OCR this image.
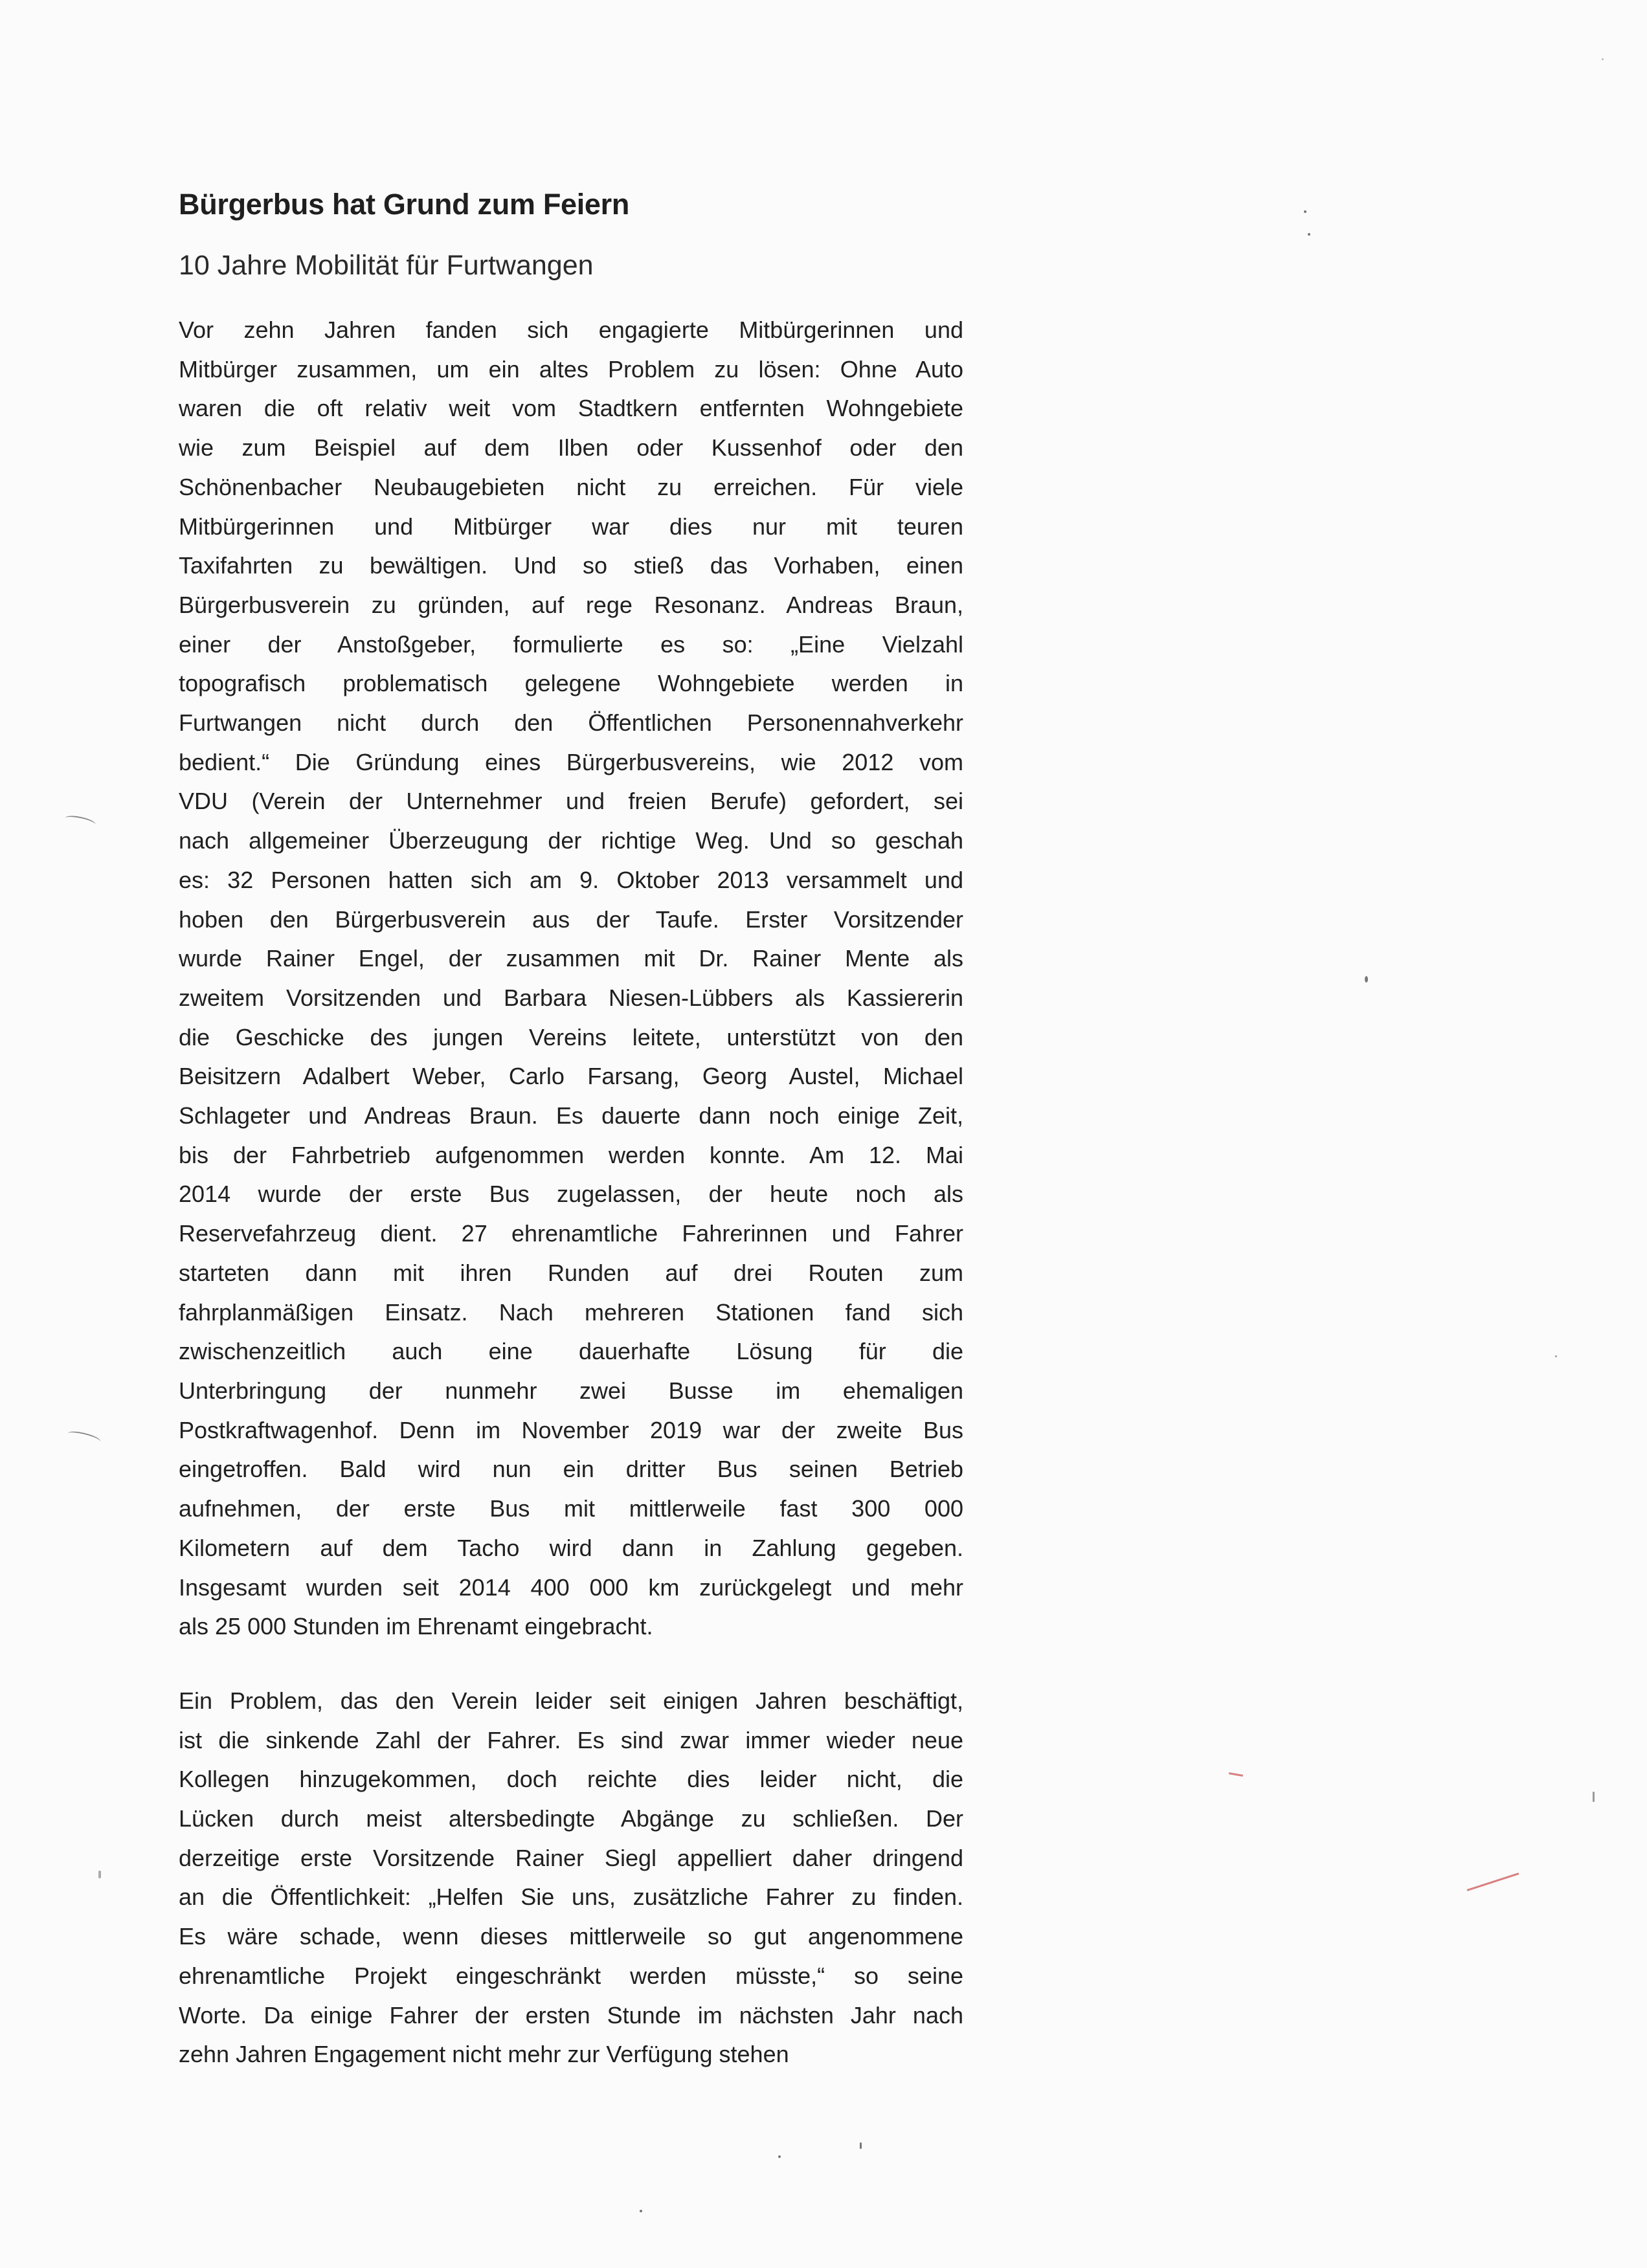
Bürgerbus hat Grund zum Feiern
10 Jahre Mobilität für Furtwangen

Vor zehn Jahren fanden sich engagierte Mitbürgerinnen und
Mitbürger zusammen, um ein altes Problem zu lösen: Ohne Auto
waren die oft relativ weit vom Stadtkern entfernten Wohngebiete
wie zum Beispiel auf dem Ilben oder Kussenhof oder den
Schönenbacher Neubaugebieten nicht zu erreichen. Für viele
Mitbürgerinnen und Mitbürger war dies nur mit teuren
Taxifahrten zu bewältigen. Und so stieß das Vorhaben, einen
Bürgerbusverein zu gründen, auf rege Resonanz. Andreas Braun,
einer der Anstoßgeber, formulierte es so: „Eine Vielzahl
topografisch problematisch gelegene Wohngebiete werden in
Furtwangen nicht durch den Öffentlichen Personennahverkehr
bedient.“ Die Gründung eines Bürgerbusvereins, wie 2012 vom
VDU (Verein der Unternehmer und freien Berufe) gefordert, sei
nach allgemeiner Überzeugung der richtige Weg. Und so geschah
es: 32 Personen hatten sich am 9. Oktober 2013 versammelt und
hoben den Bürgerbusverein aus der Taufe. Erster Vorsitzender
wurde Rainer Engel, der zusammen mit Dr. Rainer Mente als
zweitem Vorsitzenden und Barbara Niesen-Lübbers als Kassiererin
die Geschicke des jungen Vereins leitete, unterstützt von den
Beisitzern Adalbert Weber, Carlo Farsang, Georg Austel, Michael
Schlageter und Andreas Braun. Es dauerte dann noch einige Zeit,
bis der Fahrbetrieb aufgenommen werden konnte. Am 12. Mai
2014 wurde der erste Bus zugelassen, der heute noch als
Reservefahrzeug dient. 27 ehrenamtliche Fahrerinnen und Fahrer
starteten dann mit ihren Runden auf drei Routen zum
fahrplanmäßigen Einsatz. Nach mehreren Stationen fand sich
zwischenzeitlich auch eine dauerhafte Lösung für die
Unterbringung der nunmehr zwei Busse im ehemaligen
Postkraftwagenhof. Denn im November 2019 war der zweite Bus
eingetroffen. Bald wird nun ein dritter Bus seinen Betrieb
aufnehmen, der erste Bus mit mittlerweile fast 300 000
Kilometern auf dem Tacho wird dann in Zahlung gegeben.
Insgesamt wurden seit 2014 400 000 km zurückgelegt und mehr
als 25 000 Stunden im Ehrenamt eingebracht.

Ein Problem, das den Verein leider seit einigen Jahren beschäftigt,
ist die sinkende Zahl der Fahrer. Es sind zwar immer wieder neue
Kollegen hinzugekommen, doch reichte dies leider nicht, die
Lücken durch meist altersbedingte Abgänge zu schließen. Der
derzeitige erste Vorsitzende Rainer Siegl appelliert daher dringend
an die Öffentlichkeit: „Helfen Sie uns, zusätzliche Fahrer zu finden.
Es wäre schade, wenn dieses mittlerweile so gut angenommene
ehrenamtliche Projekt eingeschränkt werden müsste,“ so seine
Worte. Da einige Fahrer der ersten Stunde im nächsten Jahr nach
zehn Jahren Engagement nicht mehr zur Verfügung stehen
